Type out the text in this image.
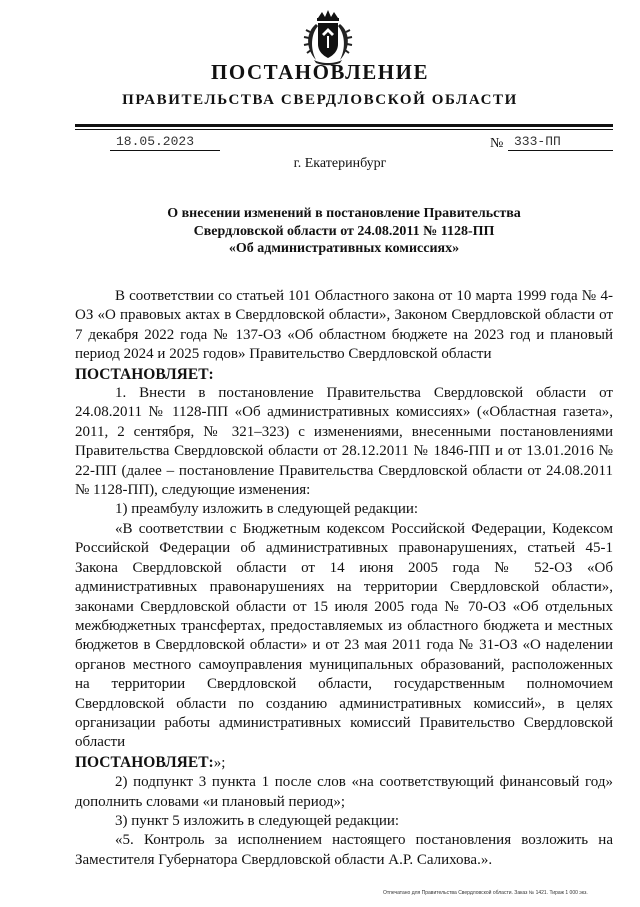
ПОСТАНОВЛЕНИЕ
ПРАВИТЕЛЬСТВА СВЕРДЛОВСКОЙ ОБЛАСТИ
18.05.2023	№ 333-ПП
г. Екатеринбург
О внесении изменений в постановление Правительства
Свердловской области от 24.08.2011 № 1128-ПП
«Об административных комиссиях»

В соответствии со статьей 101 Областного закона от 10 марта 1999 года № 4-ОЗ «О правовых актах в Свердловской области», Законом Свердловской области от 7 декабря 2022 года № 137-ОЗ «Об областном бюджете на 2023 год и плановый период 2024 и 2025 годов» Правительство Свердловской области

ПОСТАНОВЛЯЕТ:

1. Внести в постановление Правительства Свердловской области от 24.08.2011 № 1128-ПП «Об административных комиссиях» («Областная газета», 2011, 2 сентября, № 321–323) с изменениями, внесенными постановлениями Правительства Свердловской области от 28.12.2011 № 1846-ПП и от 13.01.2016 № 22-ПП (далее – постановление Правительства Свердловской области от 24.08.2011 № 1128-ПП), следующие изменения:

1) преамбулу изложить в следующей редакции:

«В соответствии с Бюджетным кодексом Российской Федерации, Кодексом Российской Федерации об административных правонарушениях, статьей 45-1 Закона Свердловской области от 14 июня 2005 года № 52-ОЗ «Об административных правонарушениях на территории Свердловской области», законами Свердловской области от 15 июля 2005 года № 70-ОЗ «Об отдельных межбюджетных трансфертах, предоставляемых из областного бюджета и местных бюджетов в Свердловской области» и от 23 мая 2011 года № 31-ОЗ «О наделении органов местного самоуправления муниципальных образований, расположенных на территории Свердловской области, государственным полномочием Свердловской области по созданию административных комиссий», в целях организации работы административных комиссий Правительство Свердловской области

ПОСТАНОВЛЯЕТ:»;

2) подпункт 3 пункта 1 после слов «на соответствующий финансовый год» дополнить словами «и плановый период»;

3) пункт 5 изложить в следующей редакции:

«5. Контроль за исполнением настоящего постановления возложить на Заместителя Губернатора Свердловской области А.Р. Салихова.».

Отпечатано для Правительства Свердловской области. Заказ № 1421. Тираж 1 000 экз.
